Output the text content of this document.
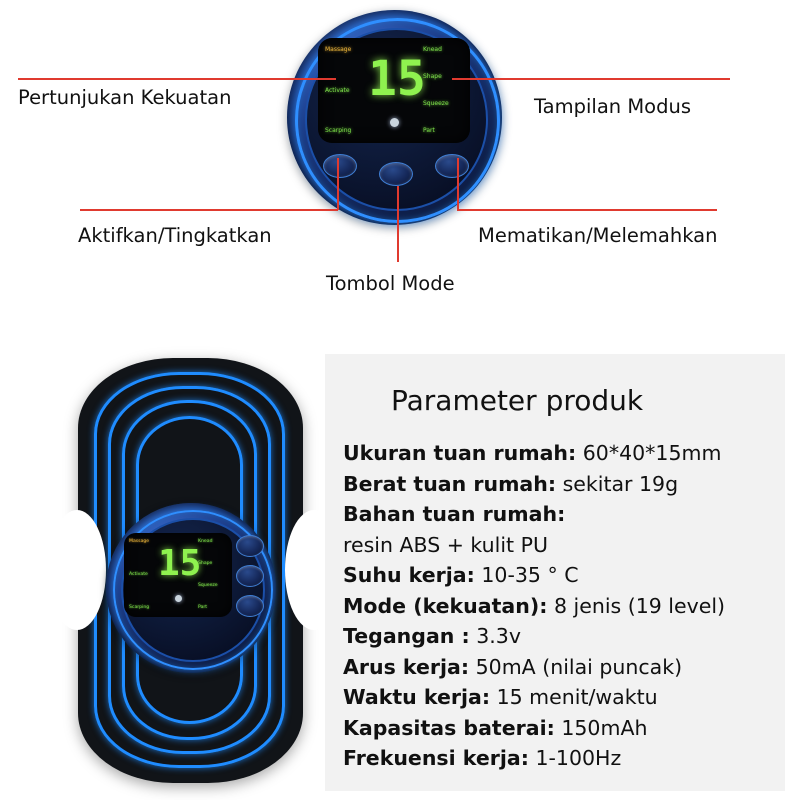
Massage
Activate
Scarping
15
Knead
Shape
Squeeze
Part
Pertunjukan Kekuatan	Tampilan Modus
Aktifkan/Tingkatkan	Mematikan/Melemahkan
Tombol Mode
Massage
Activate
Scarping
15
Knead
Shape
Squeeze
Part
Parameter produk
Ukuran tuan rumah: 60*40*15mm
Berat tuan rumah: sekitar 19g
Bahan tuan rumah:
resin ABS + kulit PU
Suhu kerja: 10-35 ° C
Mode (kekuatan): 8 jenis (19 level)
Tegangan : 3.3v
Arus kerja: 50mA (nilai puncak)
Waktu kerja: 15 menit/waktu
Kapasitas baterai: 150mAh
Frekuensi kerja: 1-100Hz
